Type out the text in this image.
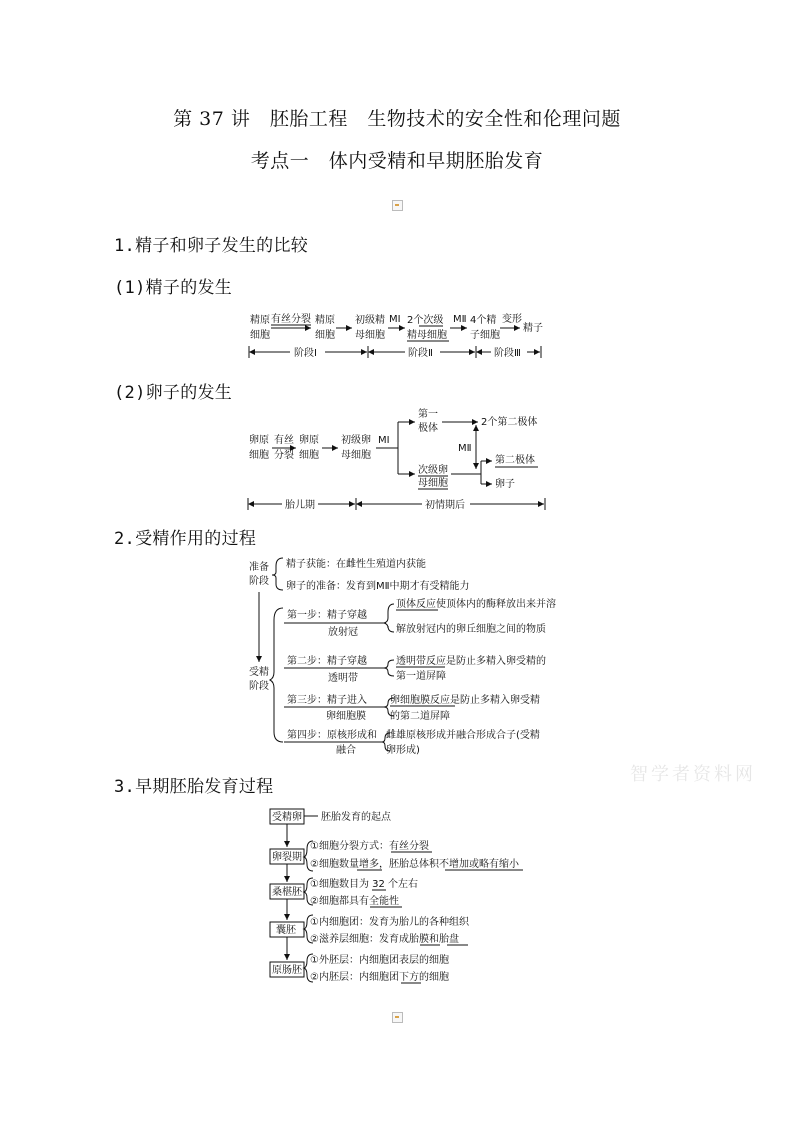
第 37 讲　胚胎工程　生物技术的安全性和伦理问题
考点一　体内受精和早期胚胎发育
1.精子和卵子发生的比较
(1)精子的发生
(2)卵子的发生
2.受精作用的过程
3.早期胚胎发育过程
智学者资料网
精原
细胞
有丝分裂 精原
细胞
初级精
母细胞
MⅠ 2个次级
精母细胞
MⅡ 4个精
子细胞
变形
精子
阶段Ⅰ	阶段Ⅱ	阶段Ⅲ
卵原
细胞
有丝
分裂
卵原
细胞
初级卵
母细胞
MⅠ
第一
极体
2个第二极体
MⅡ
次级卵
母细胞
第二极体
卵子
胎儿期	初情期后
准备
阶段
精子获能：在雌性生殖道内获能
卵子的准备：发育到MⅡ中期才有受精能力
受精
阶段
第一步：精子穿越
放射冠
顶体反应使顶体内的酶释放出来并溶
解放射冠内的卵丘细胞之间的物质
第二步：精子穿越
透明带
透明带反应是防止多精入卵受精的
第一道屏障
第三步：精子进入
卵细胞膜
卵细胞膜反应是防止多精入卵受精
的第二道屏障
第四步：原核形成和
融合
雌雄原核形成并融合形成合子(受精
卵形成)
受精卵 胚胎发育的起点
卵裂期
①细胞分裂方式：有丝分裂
②细胞数量增多，胚胎总体积不增加或略有缩小
桑椹胚
①细胞数目为 32 个左右
②细胞都具有全能性
囊胚
①内细胞团：发育为胎儿的各种组织
②滋养层细胞：发育成胎膜和胎盘
原肠胚
①外胚层：内细胞团表层的细胞
②内胚层：内细胞团下方的细胞
